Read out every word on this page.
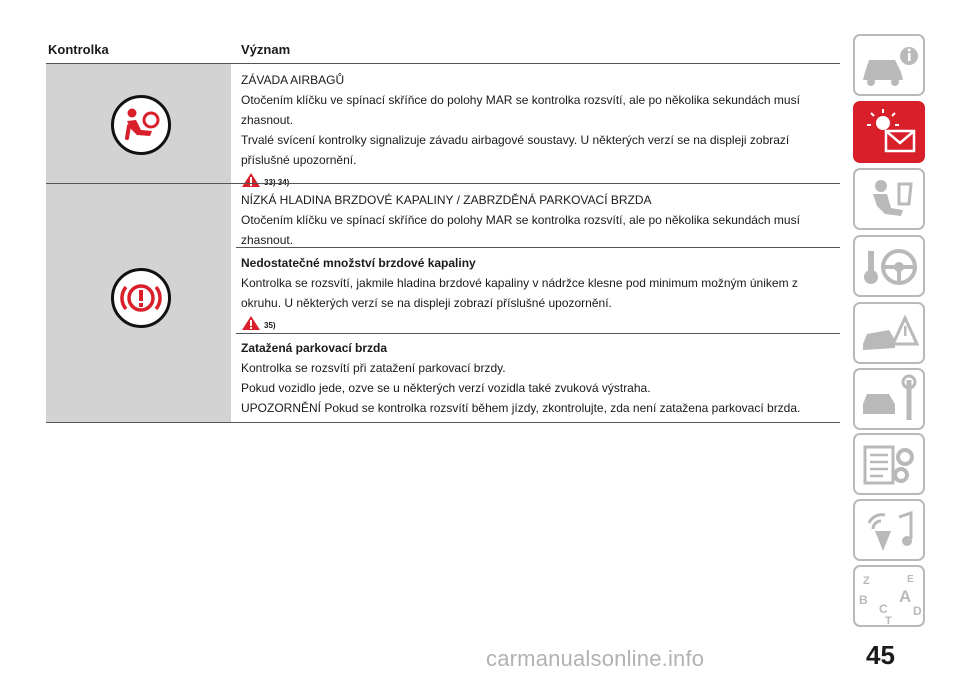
Kontrolka	Význam

ZÁVADA AIRBAGŮ

Otočením klíčku ve spínací skříňce do polohy MAR se kontrolka rozsvítí, ale po několika sekundách musí zhasnout.

Trvalé svícení kontrolky signalizuje závadu airbagové soustavy. U některých verzí se na displeji zobrazí příslušné upozornění.

NÍZKÁ HLADINA BRZDOVÉ KAPALINY / ZABRZDĚNÁ PARKOVACÍ BRZDA

Otočením klíčku ve spínací skříňce do polohy MAR se kontrolka rozsvítí, ale po několika sekundách musí zhasnout.

Nedostatečné množství brzdové kapaliny

Kontrolka se rozsvítí, jakmile hladina brzdové kapaliny v nádržce klesne pod minimum možným únikem z okruhu. U některých verzí se na displeji zobrazí příslušné upozornění.

35)

Zatažená parkovací brzda

Kontrolka se rozsvítí při zatažení parkovací brzdy.

Pokud vozidlo jede, ozve se u některých verzí vozidla také zvuková výstraha.

UPOZORNĚNÍ Pokud se kontrolka rozsvítí během jízdy, zkontrolujte, zda není zatažena parkovací brzda.

Z	E
B A
C D
T
45
carmanualsonline.info
